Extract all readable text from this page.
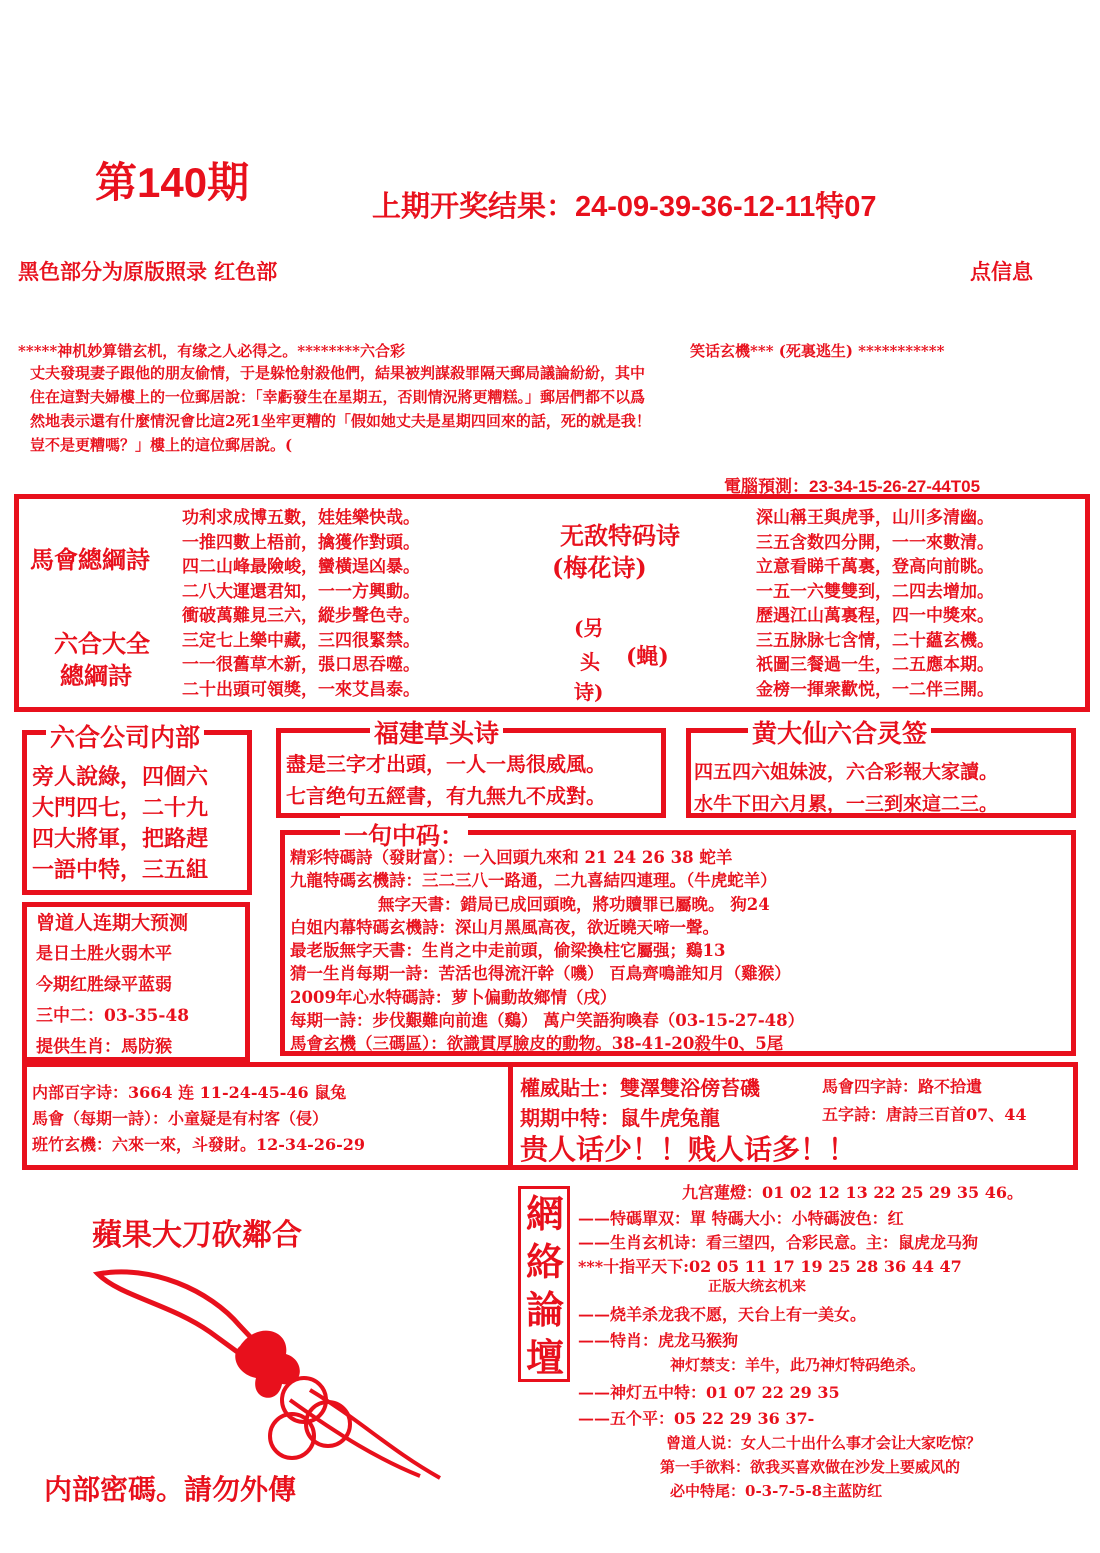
第140期
上期开奖结果：24-09-39-36-12-11特07
黑色部分为原版照录 红色部	点信息
*****神机妙算错玄机，有缘之人必得之。********六合彩	笑话玄機*** (死裏逃生) ***********
丈夫發現妻子跟他的朋友偷情，于是躲怆射殺他們，結果被判謀殺罪隔天郵局議論紛紛，其中
住在這對夫婦樓上的一位郵居說：「幸虧發生在星期五，否則情況將更糟糕。」郵居們都不以爲
然地表示還有什麼情況會比這2死1坐牢更糟的「假如她丈夫是星期四回來的話，死的就是我！
豈不是更糟嗎？」樓上的這位郵居說。(
電腦預測：23-34-15-26-27-44T05
馬會總綱詩
六合大全
總綱詩
功利求成博五數，娃娃樂快哉。
一推四數上梧前，擒獲作對頭。
四二山峰最險峻，蠻橫逞凶暴。
二八大運還君知，一一方興動。
衝破萬難見三六，縱步聲色寺。
三定七上樂中藏，三四很緊禁。
一一很舊草木新，張口思吞噬。
二十出頭可領獎，一來艾昌泰。
无敌特码诗
(梅花诗)
(另
头
诗)
(蝇)
深山稱王與虎爭，山川多清幽。
三五含数四分開，一一來數清。
立意看睇千萬裏，登高向前眺。
一五一六雙雙到，二四去增加。
歷遇江山萬裏程，四一中獎來。
三五脉脉七含情，二十蘊玄機。
祇圖三餐過一生，二五應本期。
金榜一揮衆歡悦，一二伴三開。
六合公司内部
旁人說綠，四個六
大門四七，二十九
四大將軍，把路趕
一語中特，三五組
福建草头诗
盡是三字才出頭，一人一馬很威風。
七言绝句五經書，有九無九不成對。
黄大仙六合灵签
四五四六姐妹波，六合彩報大家讀。
水牛下田六月累，一三到來這二三。
曾道人连期大预测
是日土胜火弱木平
今期红胜绿平蓝弱
三中二：03-35-48
提供生肖：馬防猴
一句中码：
精彩特碼詩（發財富）：一入回頭九來和 21 24 26 38 蛇羊
九龍特碼玄機詩：三二三八一路通，二九喜結四連理。（牛虎蛇羊）
無字天書：錯局已成回頭晚，將功贖罪已屬晚。 狗24
白姐内幕特碼玄機詩：深山月黑風高夜，欲近曉天啼一聲。
最老版無字天書：生肖之中走前頭，偷梁換柱它屬强；鷄13
猜一生肖每期一詩：苦活也得流汗幹（嘰） 百鳥齊鳴誰知月（雞猴）
2009年心水特碼詩：萝卜偏動故鄉情（戌）
每期一詩：步伐艱難向前進（鷄） 萬户笑語狗喚春（03-15-27-48）
馬會玄機（三碼區）：欲識貫厚臉皮的動物。38-41-20殺牛0、5尾
内部百字诗：3664 连 11-24-45-46 鼠兔
馬會（每期一詩）：小童疑是有村客（侵）
班竹玄機：六來一來，斗發財。12-34-26-29
權威貼士：雙澤雙浴傍苔磯	馬會四字詩：路不拾遺
期期中特：鼠牛虎兔龍	五字詩：唐詩三百首07、44
贵人话少！！贱人话多！！
蘋果大刀砍鄰合
内部密碼。請勿外傳
網
絡
論
壇
九宫蓮燈：01 02 12 13 22 25 29 35 46。
——特碼單双：單 特碼大小：小特碼波色：红
——生肖玄机诗：看三望四，合彩民意。主：鼠虎龙马狗
***十指平天下:02 05 11 17 19 25 28 36 44 47
正版大统玄机来
——烧羊杀龙我不愿，天台上有一美女。
——特肖：虎龙马猴狗
神灯禁支：羊牛，此乃神灯特码绝杀。
——神灯五中特：01 07 22 29 35
——五个平：05 22 29 36 37-
曾道人说：女人二十出什么事才会让大家吃惊？
第一手欲料：欲我买喜欢做在沙发上要威风的
必中特尾：0-3-7-5-8主蓝防红
